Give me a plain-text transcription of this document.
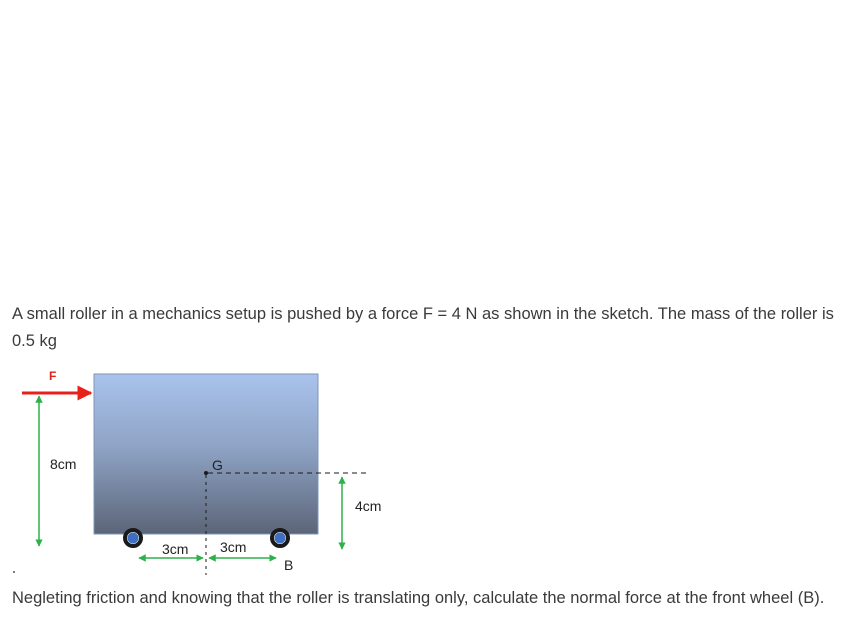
A small roller in a mechanics setup is pushed by a force F = 4 N as shown in the sketch. The mass of the roller is 0.5 kg

F
8cm	G
4cm
3cm 3cm
B

Negleting friction and knowing that the roller is translating only, calculate the normal force at the front wheel (B).
